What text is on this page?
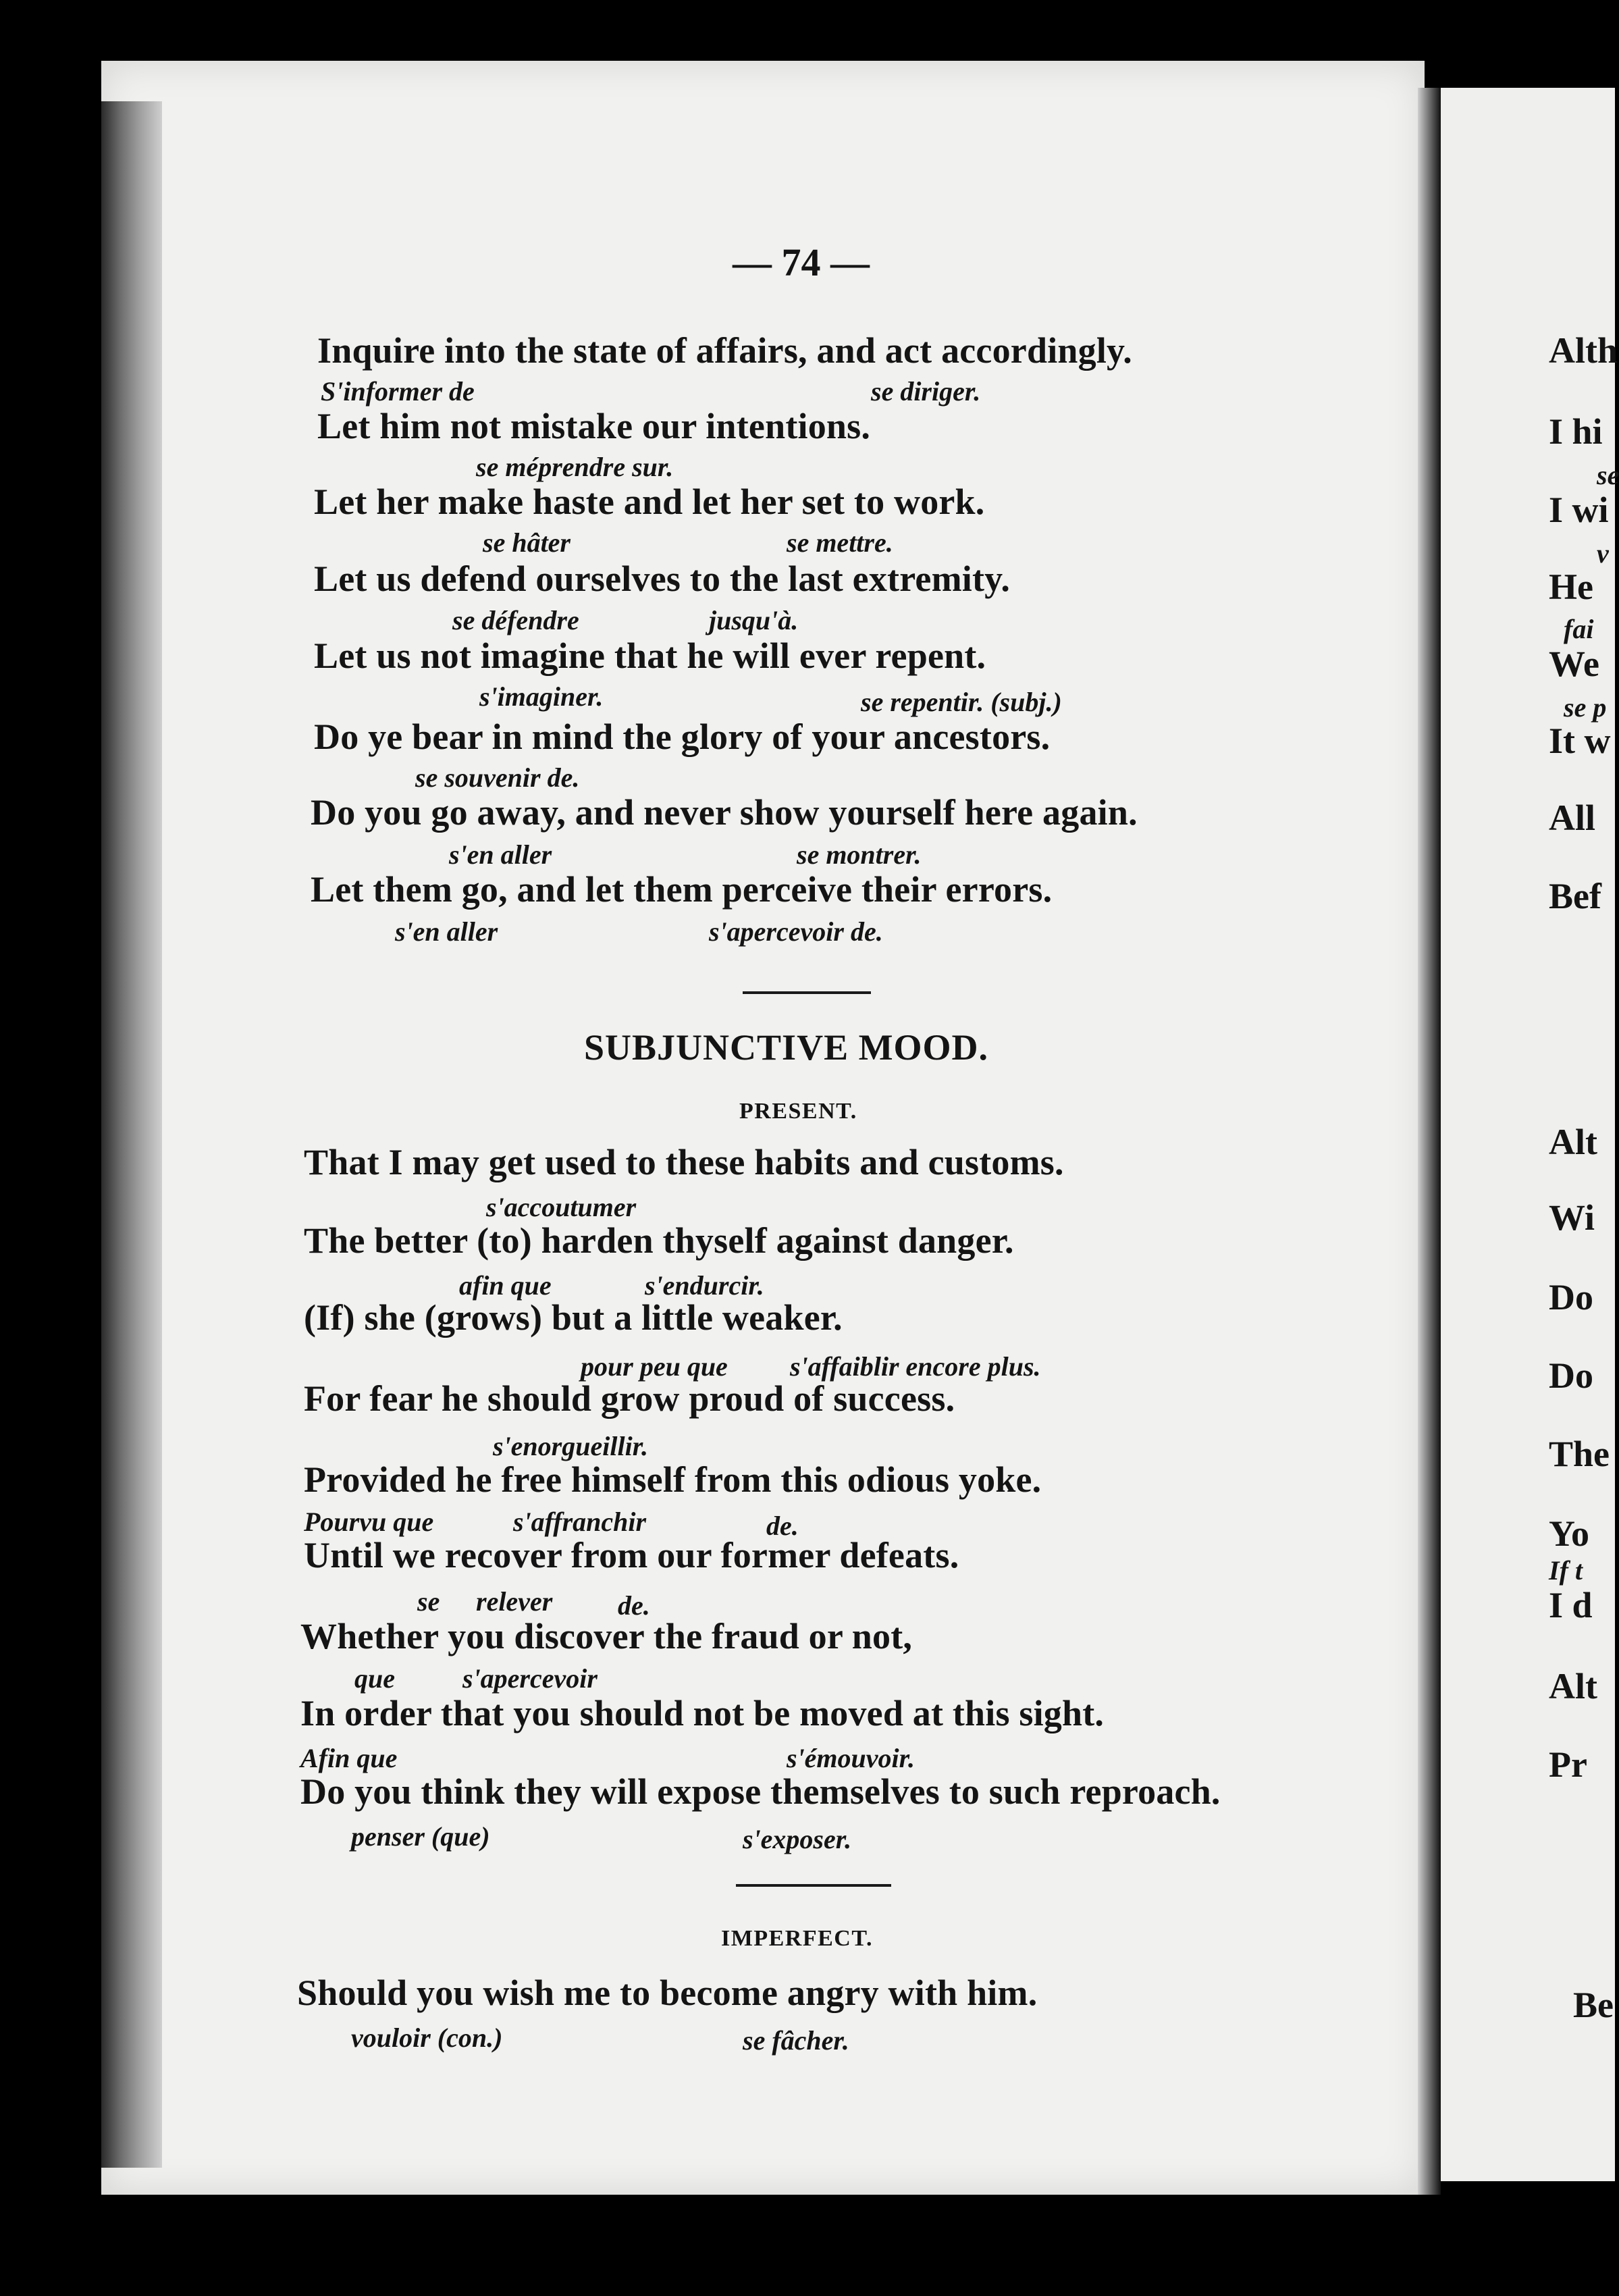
— 74 —
Inquire into the state of affairs, and act accordingly.
S'informer de	se diriger.
Let him not mistake our intentions.
se méprendre sur.
Let her make haste and let her set to work.
se hâter	se mettre.
Let us defend ourselves to the last extremity.
se défendre	jusqu'à.
Let us not imagine that he will ever repent.
s'imaginer.	se repentir. (subj.)
Do ye bear in mind the glory of your ancestors.
se souvenir de.
Do you go away, and never show yourself here again.
s'en aller	se montrer.
Let them go, and let them perceive their errors.
s'en aller	s'apercevoir de.
SUBJUNCTIVE MOOD.
PRESENT.
That I may get used to these habits and customs.
s'accoutumer
The better (to) harden thyself against danger.
afin que	s'endurcir.
(If) she (grows) but a little weaker.
pour peu que s'affaiblir encore plus.
For fear he should grow proud of success.
s'enorgueillir.
Provided he free himself from this odious yoke.
Pourvu que	s'affranchir	de.
Until we recover from our former defeats.
se relever de.
Whether you discover the fraud or not,
que	s'apercevoir
In order that you should not be moved at this sight.
Afin que	s'émouvoir.
Do you think they will expose themselves to such reproach.
penser (que)	s'exposer.
IMPERFECT.
Should you wish me to become angry with him.
vouloir (con.)	se fâcher.
Alth
I hi
se
I wi
v
He
fai
We
se p
It w
All
Bef
Alt
Wi
Do
Do
The
Yo
If t
I d
Alt
Pr
Be
